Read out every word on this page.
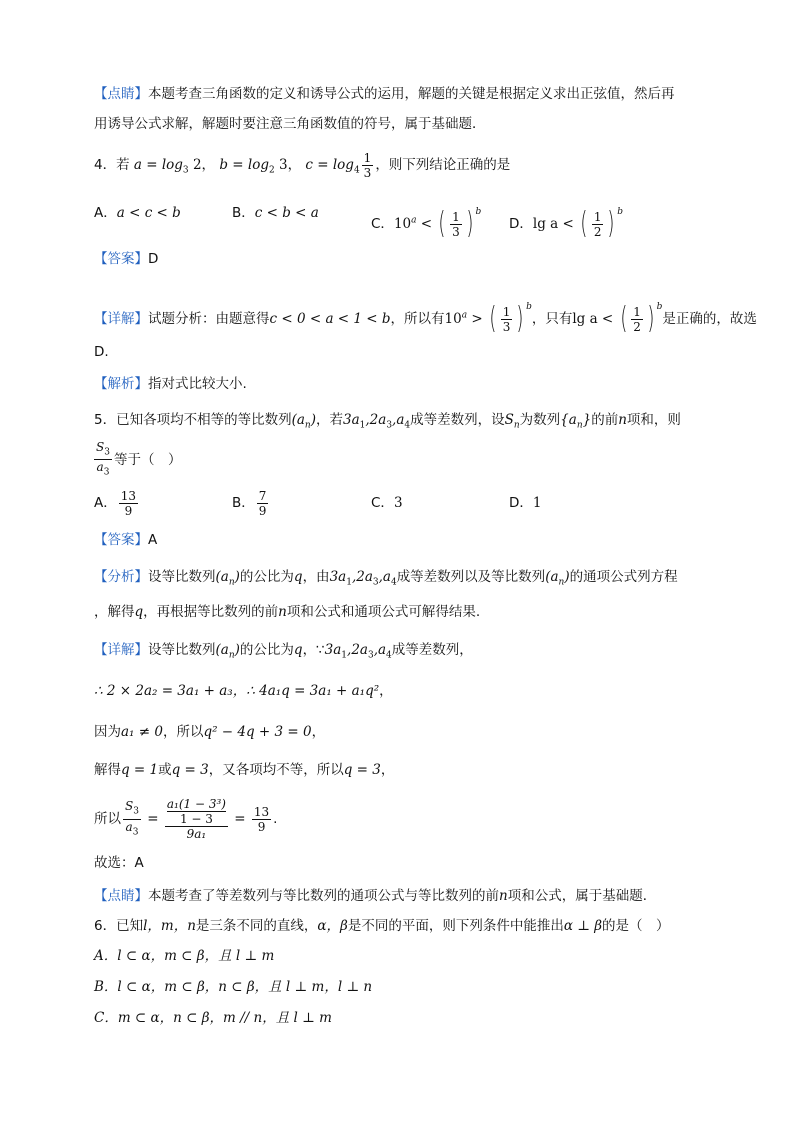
【点睛】本题考查三角函数的定义和诱导公式的运用，解题的关键是根据定义求出正弦值，然后再
用诱导公式求解，解题时要注意三角函数值的符号，属于基础题．
4．若 $a = \log_3 2$， $b = \log_2 3$， $c = \log_4 \frac{1}{3}$ ，则下列结论正确的是
A．a < c < b	B．c < b < a
C．$10^a$ < ( $\frac{1}{3}$ ) $^b$
D．lg a < ( $\frac{1}{2}$ ) $^b$
【答案】D
【详解】试题分析：由题意得c < 0 < a < 1 < b，所以有$10^a$ > ( $\frac{1}{3}$ ) $^b$，只有lg a < ( $\frac{1}{2}$ ) $^b$是正确的，故选
D.
【解析】指对式比较大小.
5．已知各项均不相等的等比数列$(a_n)$，若$3a_1,2a_3,a_4$成等差数列，设$S_n$为数列$\{a_n\}$的前n项和，则
$\frac{S_3}{a_3}$ 等于（　）
A． $\frac{13}{9}$	B． $\frac{7}{9}$	C．3	D．1
【答案】A
【分析】设等比数列$(a_n)$的公比为q，由$3a_1,2a_3,a_4$成等差数列以及等比数列$(a_n)$的通项公式列方程
，解得q，再根据等比数列的前n项和公式和通项公式可解得结果.
【详解】设等比数列$(a_n)$的公比为q，$\because 3a_1,2a_3,a_4$成等差数列，
∴ 2 × 2a₂ = 3a₁ + a₃，∴ 4a₁q = 3a₁ + a₁q²，
因为a₁ ≠ 0，所以q² − 4q + 3 = 0，
解得q = 1或q = 3，又各项均不等，所以q = 3，
所以 $\frac{S_3}{a_3} = a_1(1 - 3^3)$
1 − 3
$9a_1 = \frac{13}{9}$ .
故选：A
【点睛】本题考查了等差数列与等比数列的通项公式与等比数列的前n项和公式，属于基础题．
6．已知l，m，n是三条不同的直线，α，β是不同的平面，则下列条件中能推出α ⊥ β的是（　）
A．l ⊂ α，m ⊂ β，且 l ⊥ m
B．l ⊂ α，m ⊂ β，n ⊂ β，且 l ⊥ m，l ⊥ n
C．m ⊂ α，n ⊂ β，m // n，且 l ⊥ m
